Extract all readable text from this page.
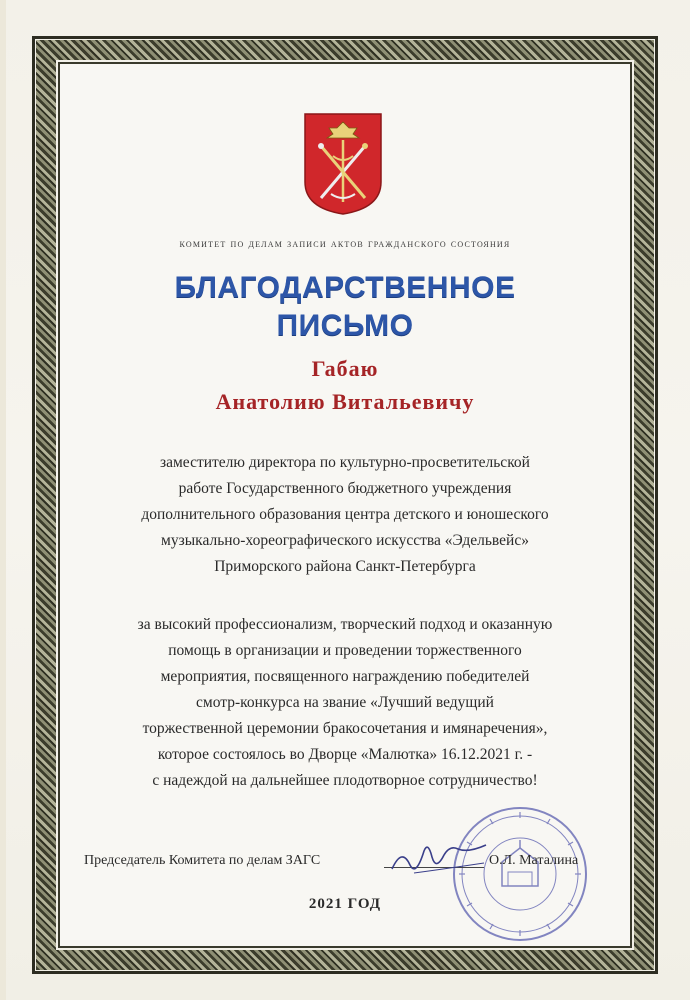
комитет по делам записи актов гражданского состояния
БЛАГОДАРСТВЕННОЕ
ПИСЬМО
Габаю
Анатолию Витальевичу
заместителю директора по культурно-просветительской
работе Государственного бюджетного учреждения
дополнительного образования центра детского и юношеского
музыкально-хореографического искусства «Эдельвейс»
Приморского района Санкт-Петербурга
за высокий профессионализм, творческий подход и оказанную
помощь в организации и проведении торжественного
мероприятия, посвященного награждению победителей
смотр-конкурса на звание «Лучший ведущий
торжественной церемонии бракосочетания и имянаречения»,
которое состоялось во Дворце «Малютка» 16.12.2021 г. -
с надеждой на дальнейшее плодотворное сотрудничество!
Председатель Комитета по делам ЗАГС	О.Л. Маталина
2021 ГОД
